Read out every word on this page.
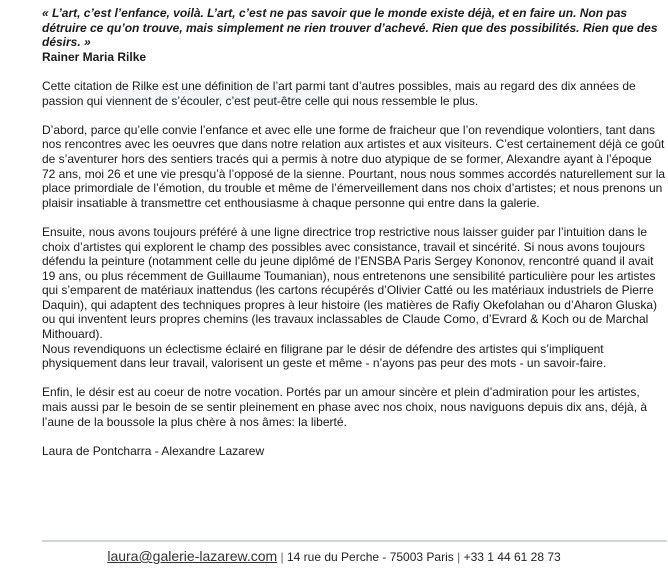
« L’art, c’est l’enfance, voilà. L’art, c’est ne pas savoir que le monde existe déjà, et en faire un. Non pas détruire ce qu’on trouve, mais simplement ne rien trouver d’achevé. Rien que des possibilités. Rien que des désirs. »

Rainer Maria Rilke

Cette citation de Rilke est une définition de l’art parmi tant d’autres possibles, mais au regard des dix années de passion qui viennent de s’écouler, c’est peut-être celle qui nous ressemble le plus.

D’abord, parce qu’elle convie l’enfance et avec elle une forme de fraicheur que l’on revendique volontiers, tant dans nos rencontres avec les oeuvres que dans notre relation aux artistes et aux visiteurs. C’est certainement déjà ce goût de s’aventurer hors des sentiers tracés qui a permis à notre duo atypique de se former, Alexandre ayant à l’époque 72 ans, moi 26 et une vie presqu’à l’opposé de la sienne. Pourtant, nous nous sommes accordés naturellement sur la place primordiale de l’émotion, du trouble et même de l’émerveillement dans nos choix d’artistes; et nous prenons un plaisir insatiable à transmettre cet enthousiasme à chaque personne qui entre dans la galerie.

Ensuite, nous avons toujours préféré à une ligne directrice trop restrictive nous laisser guider par l’intuition dans le choix d’artistes qui explorent le champ des possibles avec consistance, travail et sincérité. Si nous avons toujours défendu la peinture (notamment celle du jeune diplômé de l’ENSBA Paris Sergey Kononov, rencontré quand il avait 19 ans, ou plus récemment de Guillaume Toumanian), nous entretenons une sensibilité particulière pour les artistes qui s’emparent de matériaux inattendus (les cartons récupérés d’Olivier Catté ou les matériaux industriels de Pierre Daquin), qui adaptent des techniques propres à leur histoire (les matières de Rafiy Okefolahan ou d’Aharon Gluska) ou qui inventent leurs propres chemins (les travaux inclassables de Claude Como, d’Evrard & Koch ou de Marchal Mithouard).

Nous revendiquons un éclectisme éclairé en filigrane par le désir de défendre des artistes qui s’impliquent physiquement dans leur travail, valorisent un geste et même - n’ayons pas peur des mots - un savoir-faire.

Enfin, le désir est au coeur de notre vocation. Portés par un amour sincère et plein d’admiration pour les artistes, mais aussi par le besoin de se sentir pleinement en phase avec nos choix, nous naviguons depuis dix ans, déjà, à l’aune de la boussole la plus chère à nos âmes: la liberté.

Laura de Pontcharra - Alexandre Lazarew

laura@galerie-lazarew.com | 14 rue du Perche - 75003 Paris | +33 1 44 61 28 73
